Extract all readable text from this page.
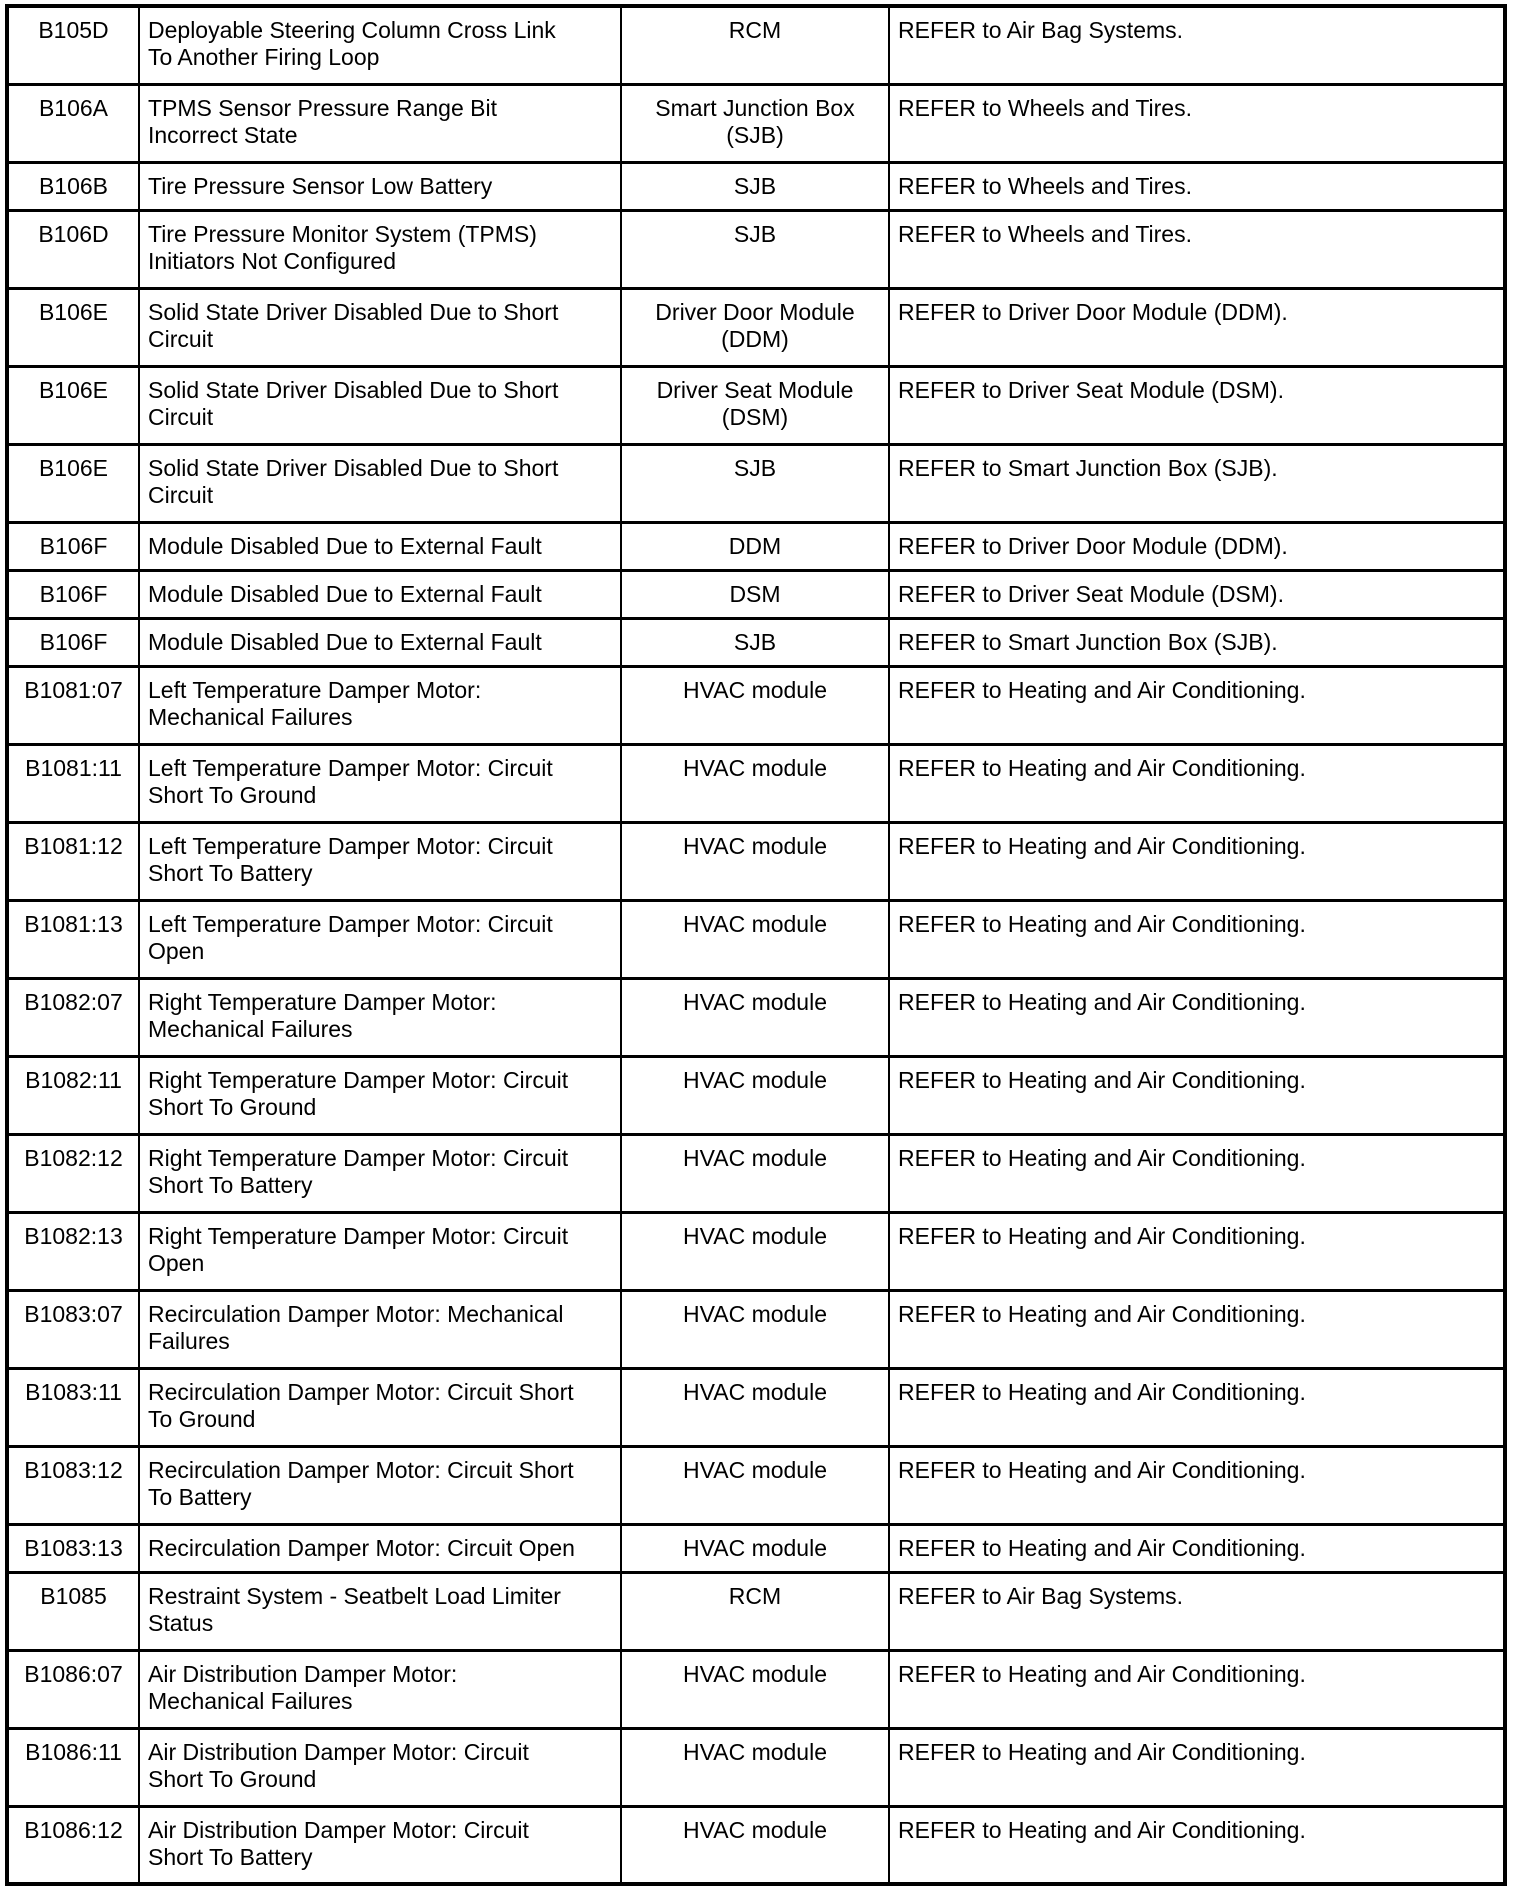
B105D	Deployable Steering Column Cross Link
To Another Firing Loop	RCM	REFER to Air Bag Systems.
B106A	TPMS Sensor Pressure Range Bit
Incorrect State	Smart Junction Box
(SJB)	REFER to Wheels and Tires.
B106B	Tire Pressure Sensor Low Battery	SJB	REFER to Wheels and Tires.
B106D	Tire Pressure Monitor System (TPMS)
Initiators Not Configured	SJB	REFER to Wheels and Tires.
B106E	Solid State Driver Disabled Due to Short
Circuit	Driver Door Module
(DDM)	REFER to Driver Door Module (DDM).
B106E	Solid State Driver Disabled Due to Short
Circuit	Driver Seat Module
(DSM)	REFER to Driver Seat Module (DSM).
B106E	Solid State Driver Disabled Due to Short
Circuit	SJB	REFER to Smart Junction Box (SJB).
B106F	Module Disabled Due to External Fault	DDM	REFER to Driver Door Module (DDM).
B106F	Module Disabled Due to External Fault	DSM	REFER to Driver Seat Module (DSM).
B106F	Module Disabled Due to External Fault	SJB	REFER to Smart Junction Box (SJB).
B1081:07	Left Temperature Damper Motor:
Mechanical Failures	HVAC module	REFER to Heating and Air Conditioning.
B1081:11	Left Temperature Damper Motor: Circuit
Short To Ground	HVAC module	REFER to Heating and Air Conditioning.
B1081:12	Left Temperature Damper Motor: Circuit
Short To Battery	HVAC module	REFER to Heating and Air Conditioning.
B1081:13	Left Temperature Damper Motor: Circuit
Open	HVAC module	REFER to Heating and Air Conditioning.
B1082:07	Right Temperature Damper Motor:
Mechanical Failures	HVAC module	REFER to Heating and Air Conditioning.
B1082:11	Right Temperature Damper Motor: Circuit
Short To Ground	HVAC module	REFER to Heating and Air Conditioning.
B1082:12	Right Temperature Damper Motor: Circuit
Short To Battery	HVAC module	REFER to Heating and Air Conditioning.
B1082:13	Right Temperature Damper Motor: Circuit
Open	HVAC module	REFER to Heating and Air Conditioning.
B1083:07	Recirculation Damper Motor: Mechanical
Failures	HVAC module	REFER to Heating and Air Conditioning.
B1083:11	Recirculation Damper Motor: Circuit Short
To Ground	HVAC module	REFER to Heating and Air Conditioning.
B1083:12	Recirculation Damper Motor: Circuit Short
To Battery	HVAC module	REFER to Heating and Air Conditioning.
B1083:13	Recirculation Damper Motor: Circuit Open	HVAC module	REFER to Heating and Air Conditioning.
B1085	Restraint System - Seatbelt Load Limiter
Status	RCM	REFER to Air Bag Systems.
B1086:07	Air Distribution Damper Motor:
Mechanical Failures	HVAC module	REFER to Heating and Air Conditioning.
B1086:11	Air Distribution Damper Motor: Circuit
Short To Ground	HVAC module	REFER to Heating and Air Conditioning.
B1086:12	Air Distribution Damper Motor: Circuit
Short To Battery	HVAC module	REFER to Heating and Air Conditioning.
